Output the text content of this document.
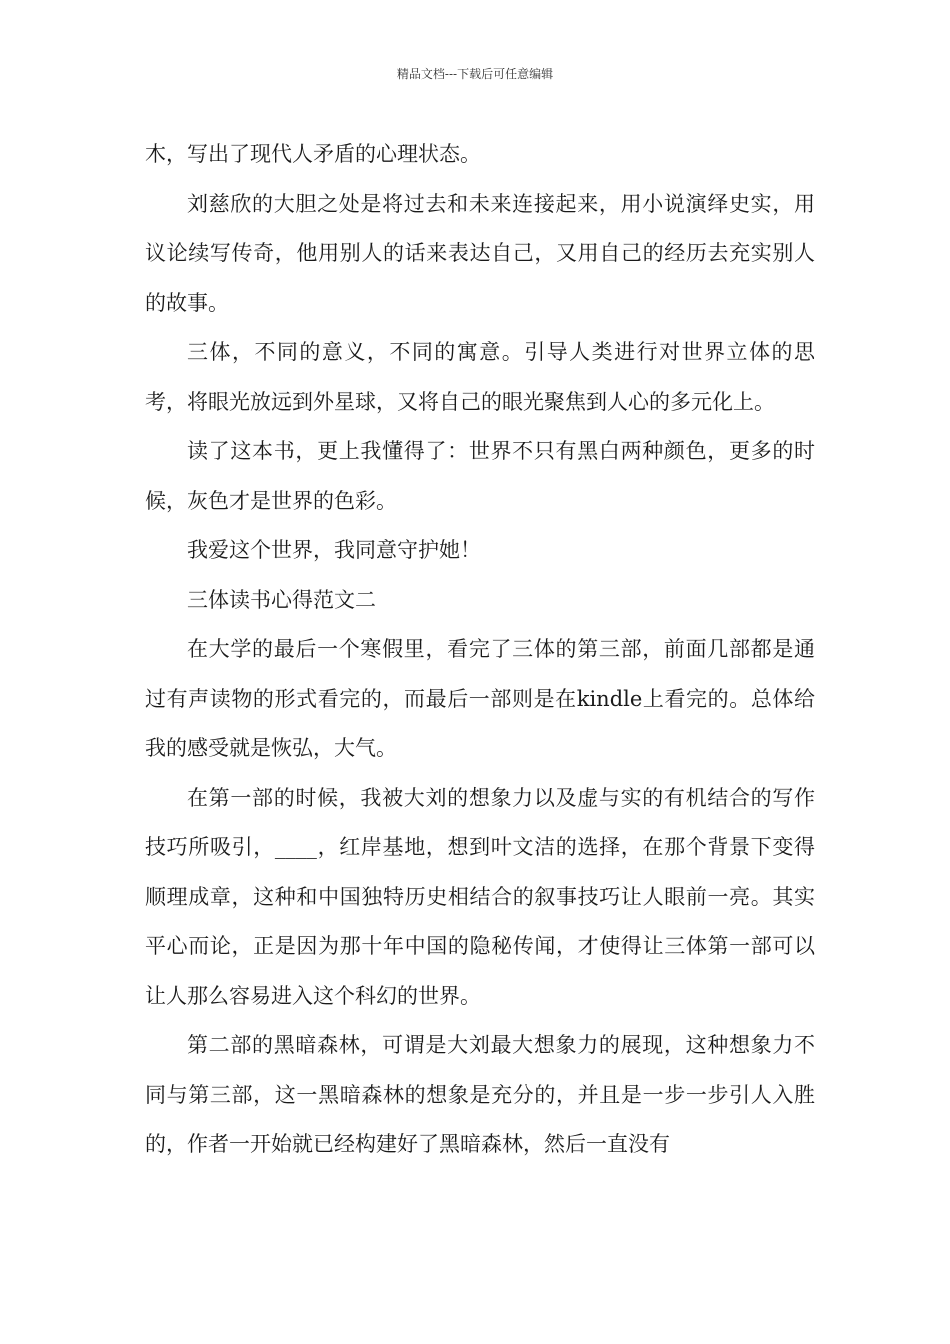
精品文档---下载后可任意编辑

木，写出了现代人矛盾的心理状态。

刘慈欣的大胆之处是将过去和未来连接起来，用小说演绎史实，用议论续写传奇，他用别人的话来表达自己，又用自己的经历去充实别人的故事。

三体，不同的意义，不同的寓意。引导人类进行对世界立体的思考，将眼光放远到外星球，又将自己的眼光聚焦到人心的多元化上。

读了这本书，更上我懂得了：世界不只有黑白两种颜色，更多的时候，灰色才是世界的色彩。

我爱这个世界，我同意守护她！

三体读书心得范文二

在大学的最后一个寒假里，看完了三体的第三部，前面几部都是通过有声读物的形式看完的，而最后一部则是在kindle上看完的。总体给我的感受就是恢弘，大气。

在第一部的时候，我被大刘的想象力以及虚与实的有机结合的写作技巧所吸引，____，红岸基地，想到叶文洁的选择，在那个背景下变得顺理成章，这种和中国独特历史相结合的叙事技巧让人眼前一亮。其实平心而论，正是因为那十年中国的隐秘传闻，才使得让三体第一部可以让人那么容易进入这个科幻的世界。

第二部的黑暗森林，可谓是大刘最大想象力的展现，这种想象力不同与第三部，这一黑暗森林的想象是充分的，并且是一步一步引人入胜的，作者一开始就已经构建好了黑暗森林，然后一直没有
